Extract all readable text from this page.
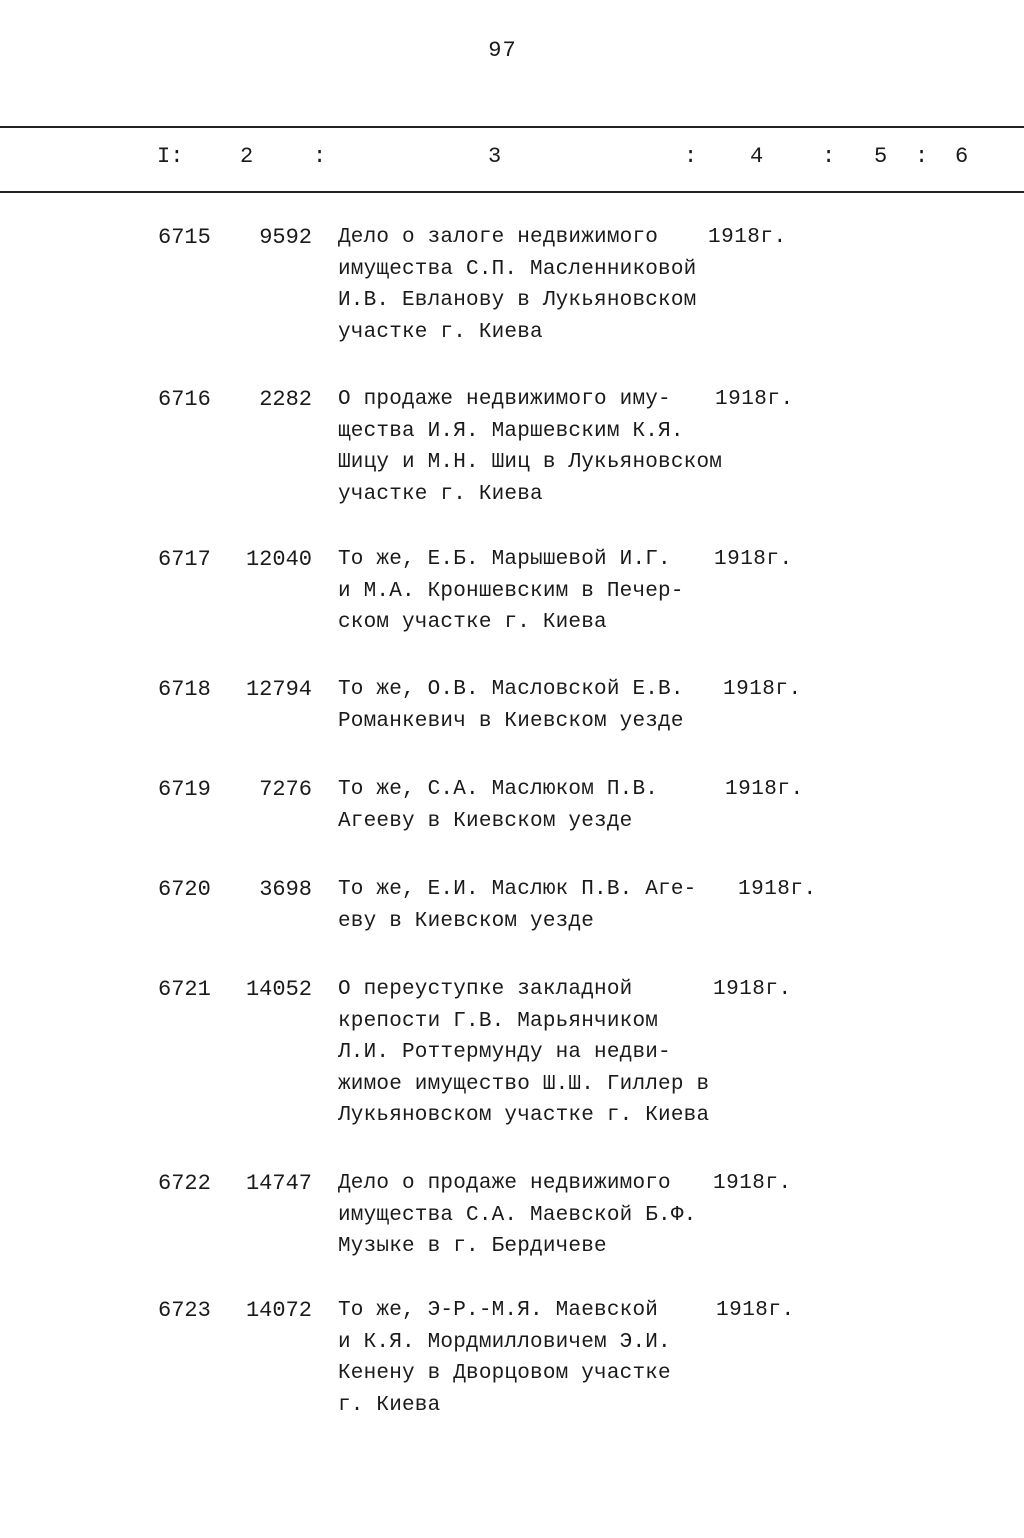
97
I:	2	:	3	: 4	: 5 : 6
6715	9592 Дело о залоге недвижимого
имущества С.П. Масленниковой
И.В. Евланову в Лукьяновском
участке г. Киева
1918г.
6716	2282 О продаже недвижимого иму-
щества И.Я. Маршевским К.Я.
Шицу и М.Н. Шиц в Лукьяновском
участке г. Киева
1918г.
6717	12040 То же, Е.Б. Марышевой И.Г.
и М.А. Кроншевским в Печер-
ском участке г. Киева
1918г.
6718	12794 То же, О.В. Масловской Е.В.
Романкевич в Киевском уезде
1918г.
6719	7276 То же, С.А. Маслюком П.В.
Агееву в Киевском уезде
1918г.
6720	3698 То же, Е.И. Маслюк П.В. Аге-
еву в Киевском уезде
1918г.
6721	14052 О переуступке закладной
крепости Г.В. Марьянчиком
Л.И. Роттермунду на недви-
жимое имущество Ш.Ш. Гиллер в
Лукьяновском участке г. Киева
1918г.
6722	14747 Дело о продаже недвижимого
имущества С.А. Маевской Б.Ф.
Музыке в г. Бердичеве
1918г.
6723	14072 То же, Э-Р.-М.Я. Маевской
и К.Я. Мордмилловичем Э.И.
Кенену в Дворцовом участке
г. Киева
1918г.
